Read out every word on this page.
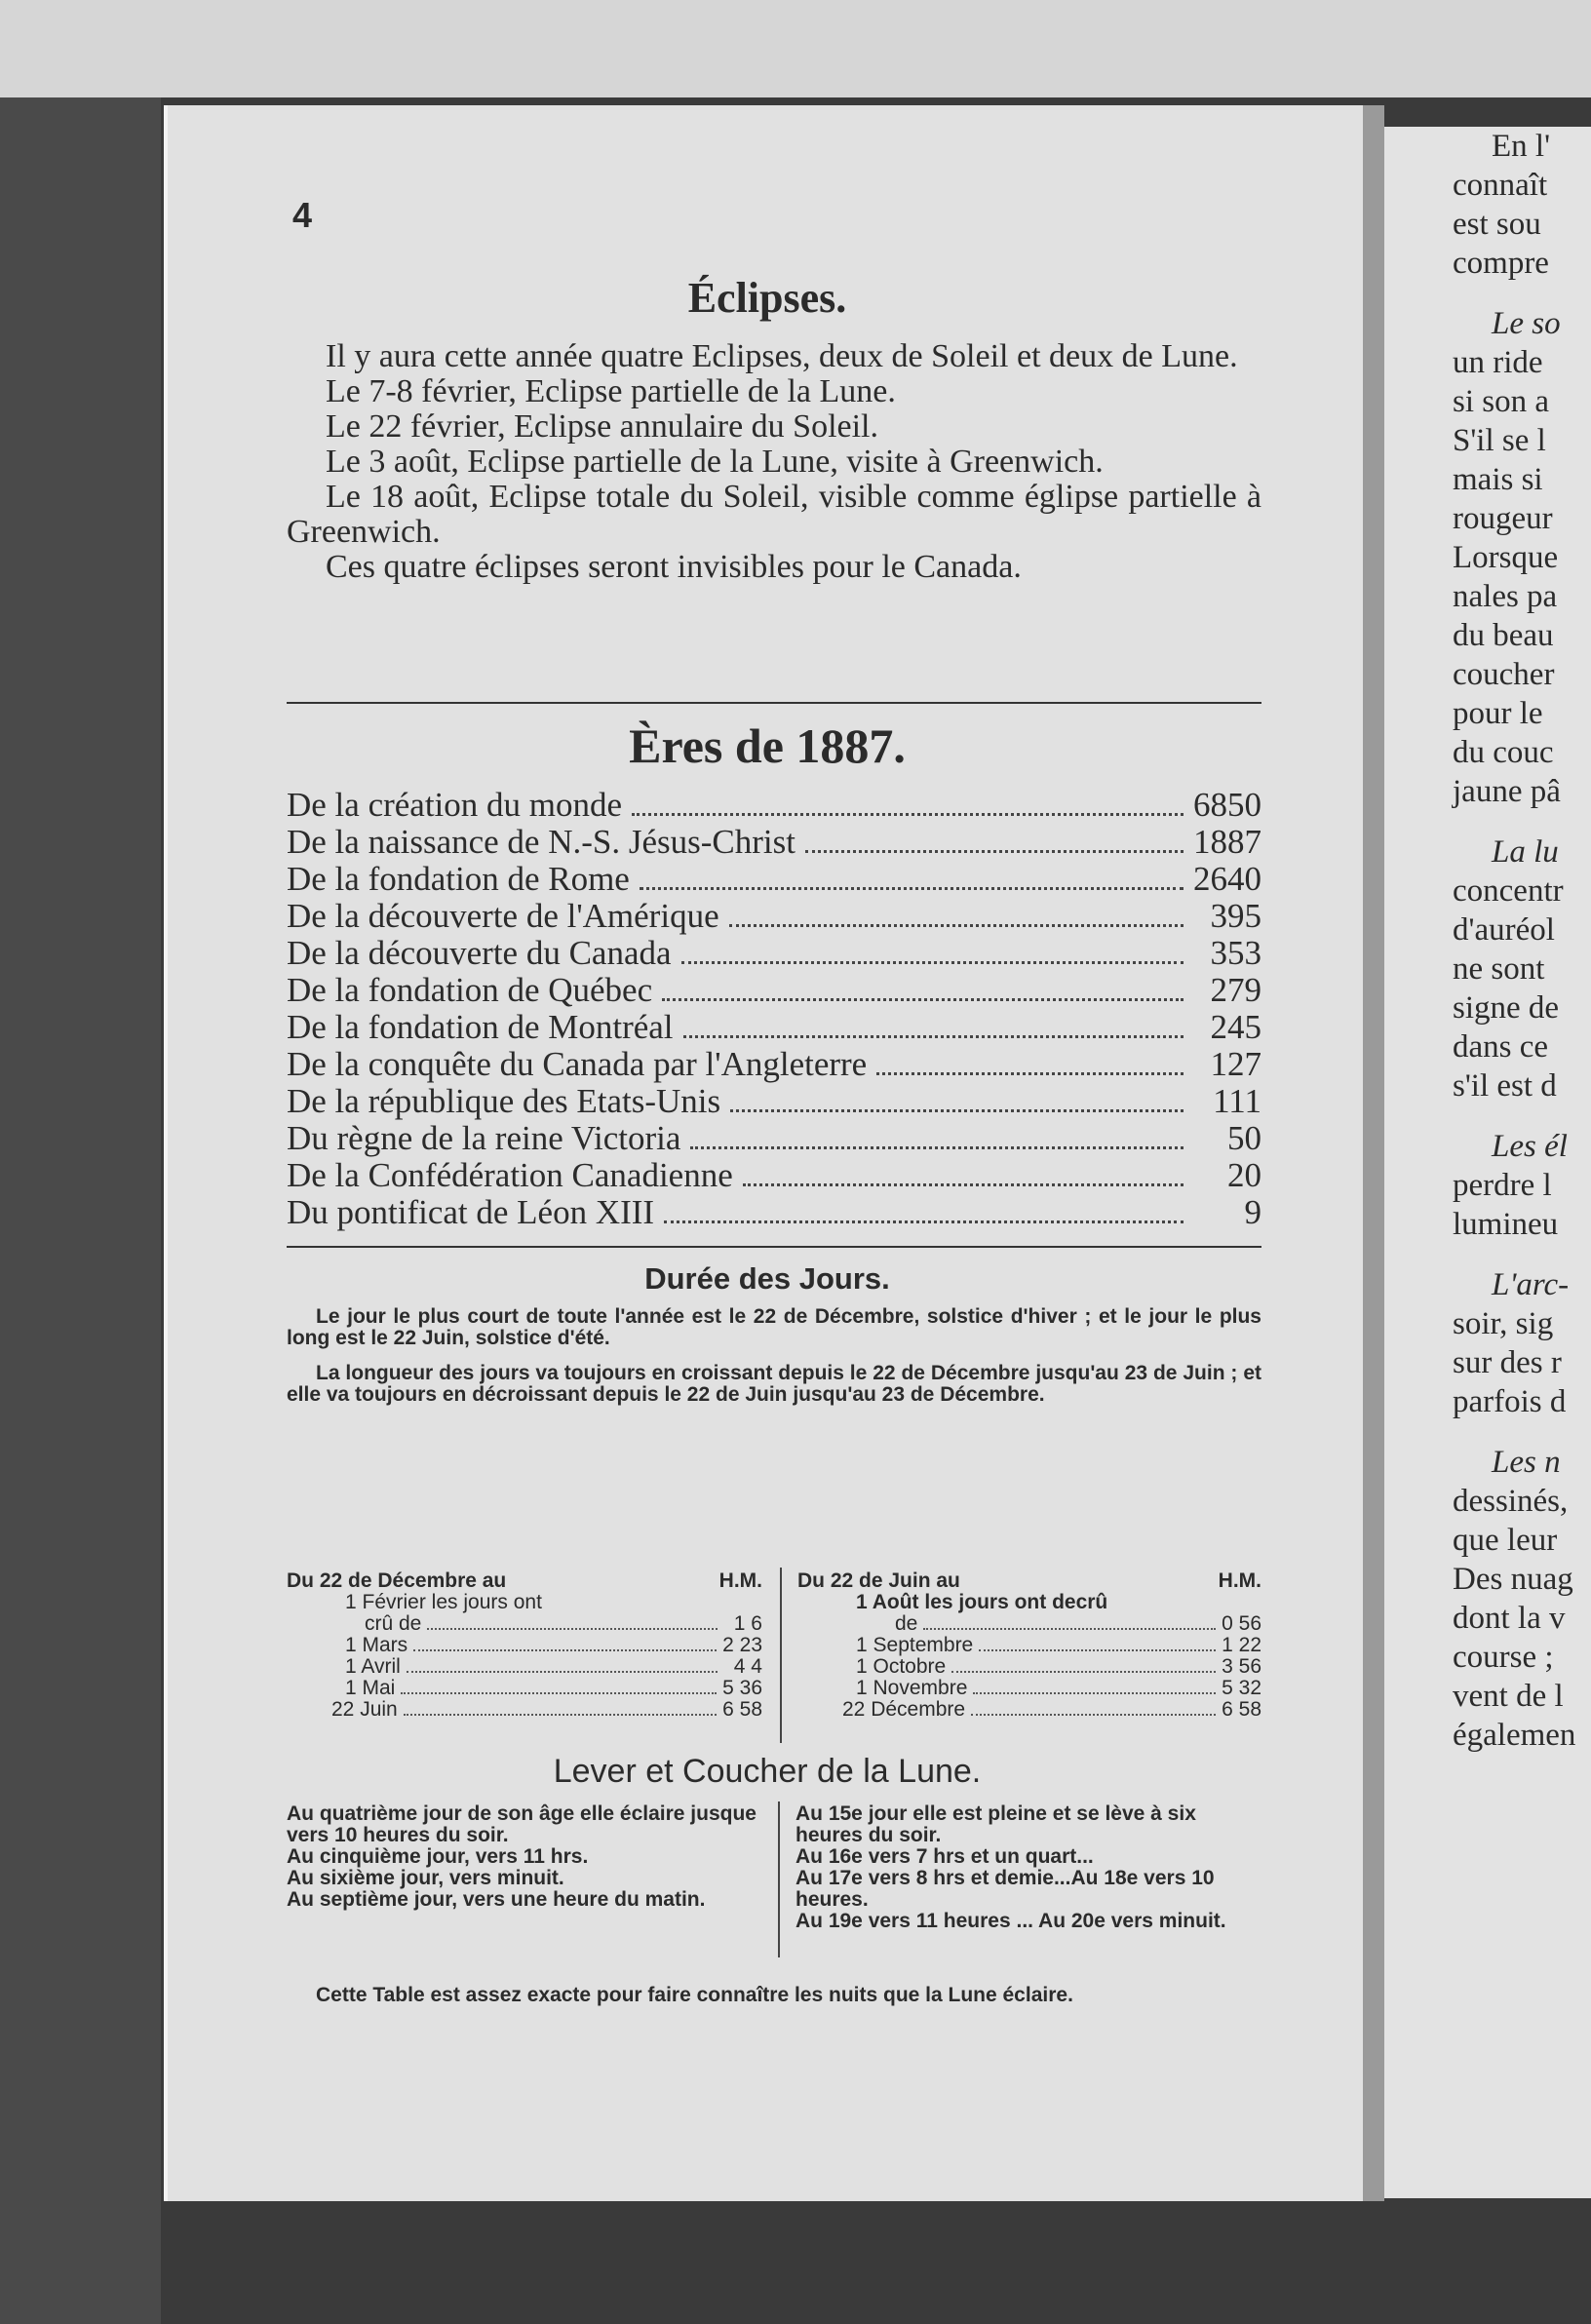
4
Éclipses.
Il y aura cette année quatre Eclipses, deux de Soleil et deux de Lune.
Le 7-8 février, Eclipse partielle de la Lune.
Le 22 février, Eclipse annulaire du Soleil.
Le 3 août, Eclipse partielle de la Lune, visite à Greenwich.
Le 18 août, Eclipse totale du Soleil, visible comme églipse partielle à Greenwich.
Ces quatre éclipses seront invisibles pour le Canada.
Ères de 1887.
De la création du monde	6850
De la naissance de N.-S. Jésus-Christ	1887
De la fondation de Rome	2640
De la découverte de l'Amérique	395
De la découverte du Canada	353
De la fondation de Québec	279
De la fondation de Montréal	245
De la conquête du Canada par l'Angleterre	127
De la république des Etats-Unis	111
Du règne de la reine Victoria	50
De la Confédération Canadienne	20
Du pontificat de Léon XIII	9
Durée des Jours.
Le jour le plus court de toute l'année est le 22 de Décembre, solstice d'hiver ; et le jour le plus long est le 22 Juin, solstice d'été.
La longueur des jours va toujours en croissant depuis le 22 de Décembre jusqu'au 23 de Juin ; et elle va toujours en décroissant depuis le 22 de Juin jusqu'au 23 de Décembre.
Du 22 de Décembre au	H.M.
1 Février les jours ont
crû de	1 6
1 Mars	2 23
1 Avril	4 4
1 Mai	5 36
22 Juin	6 58
Du 22 de Juin au	H.M.
1 Août les jours ont decrû
de	0 56
1 Septembre	1 22
1 Octobre	3 56
1 Novembre	5 32
22 Décembre	6 58
Lever et Coucher de la Lune.
Au quatrième jour de son âge elle éclaire jusque vers 10 heures du soir.
Au cinquième jour, vers 11 hrs.
Au sixième jour, vers minuit.
Au septième jour, vers une heure du matin.
Au 15e jour elle est pleine et se lève à six heures du soir.
Au 16e vers 7 hrs et un quart...
Au 17e vers 8 hrs et demie...Au 18e vers 10 heures.
Au 19e vers 11 heures ... Au 20e vers minuit.
Cette Table est assez exacte pour faire connaître les nuits que la Lune éclaire.
En l'
connaît
est sou
compre
Le so
un ride
si son a
S'il se l
mais si
rougeur
Lorsque
nales pa
du beau
coucher
pour le
du couc
jaune pâ
La lu
concentr
d'auréol
ne sont
signe de
dans ce
s'il est d
Les él
perdre l
lumineu
L'arc-
soir, sig
sur des r
parfois d
Les n
dessinés,
que leur
Des nuag
dont la v
course ;
vent de l
égalemen
